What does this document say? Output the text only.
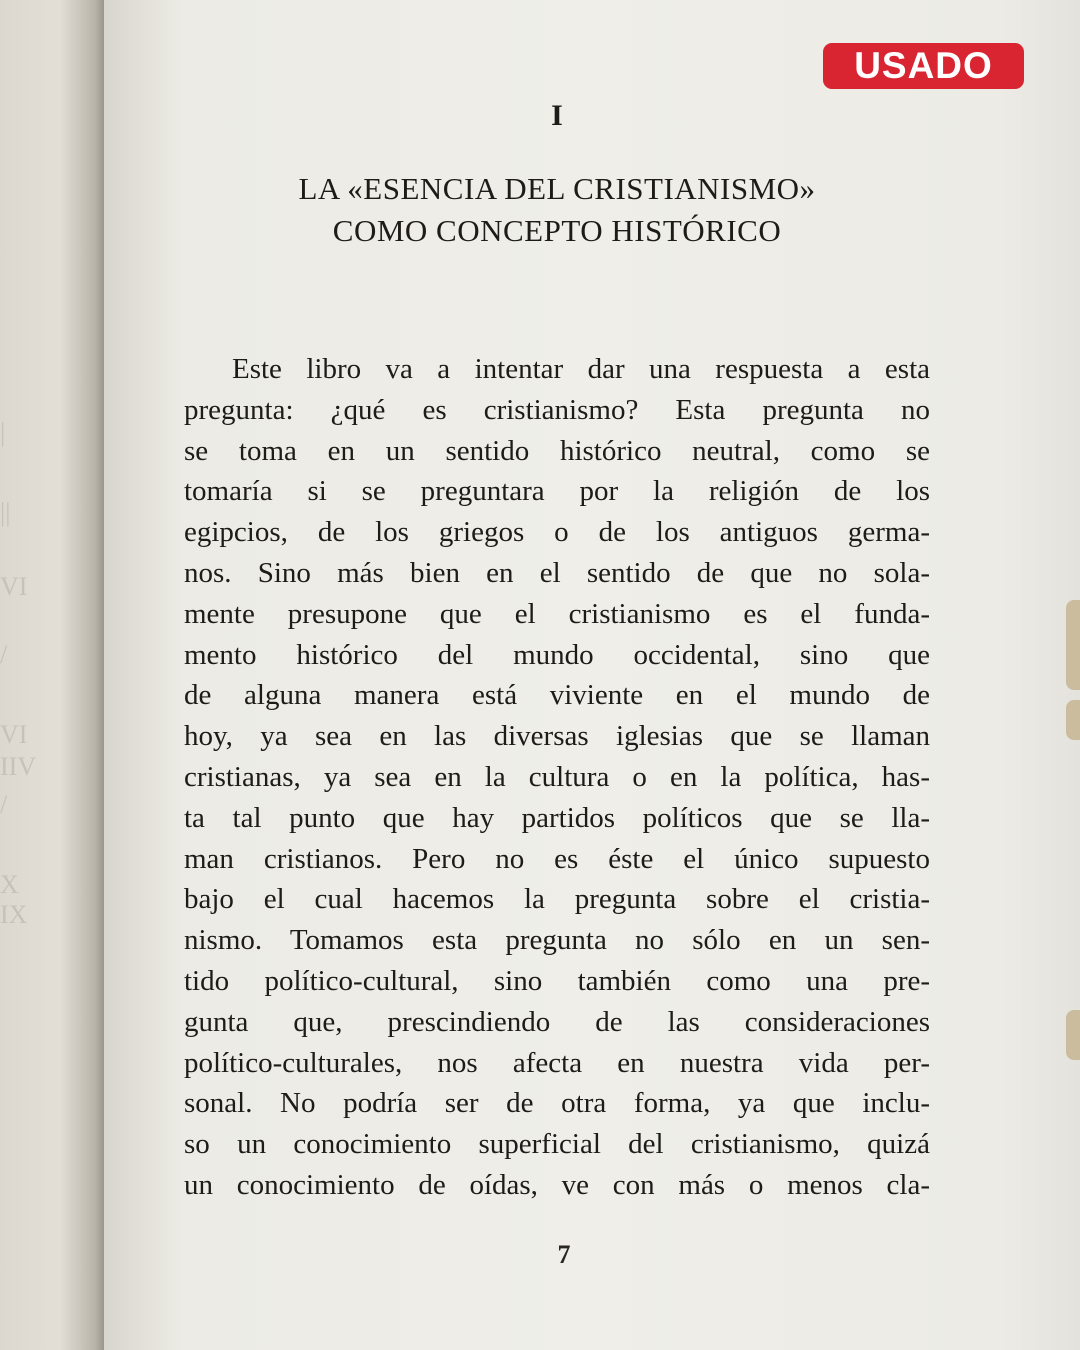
|
||
VI
/
VI
IIV
/
X
IX
I
LA «ESENCIA DEL CRISTIANISMO»
COMO CONCEPTO HISTÓRICO
Este libro va a intentar dar una respuesta a esta
pregunta: ¿qué es cristianismo? Esta pregunta no
se toma en un sentido histórico neutral, como se
tomaría si se preguntara por la religión de los
egipcios, de los griegos o de los antiguos germa-
nos. Sino más bien en el sentido de que no sola-
mente presupone que el cristianismo es el funda-
mento histórico del mundo occidental, sino que
de alguna manera está viviente en el mundo de
hoy, ya sea en las diversas iglesias que se llaman
cristianas, ya sea en la cultura o en la política, has-
ta tal punto que hay partidos políticos que se lla-
man cristianos. Pero no es éste el único supuesto
bajo el cual hacemos la pregunta sobre el cristia-
nismo. Tomamos esta pregunta no sólo en un sen-
tido político-cultural, sino también como una pre-
gunta que, prescindiendo de las consideraciones
político-culturales, nos afecta en nuestra vida per-
sonal. No podría ser de otra forma, ya que inclu-
so un conocimiento superficial del cristianismo, quizá
un conocimiento de oídas, ve con más o menos cla-
7
USADO
